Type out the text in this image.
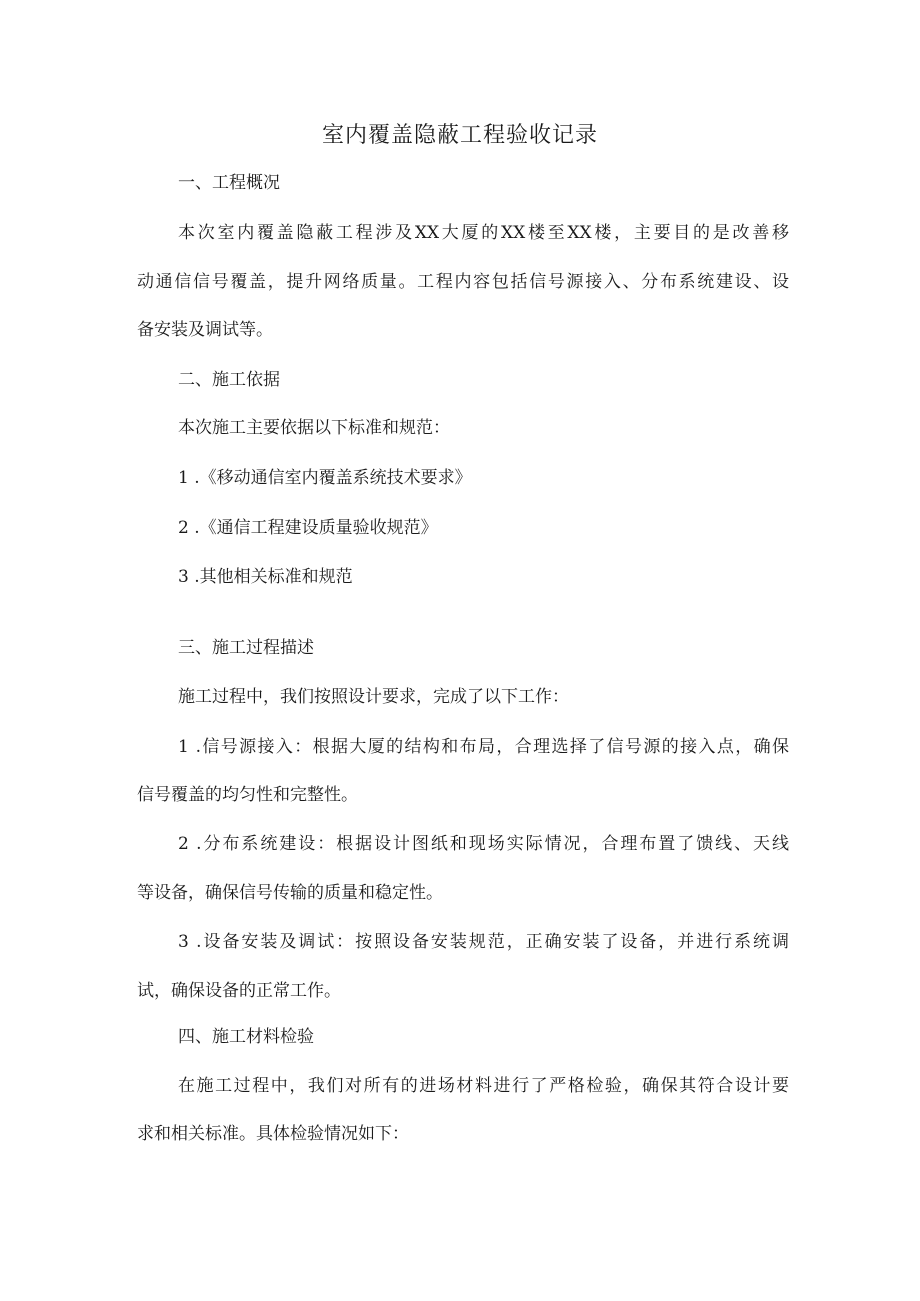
室内覆盖隐蔽工程验收记录
一、工程概况
本次室内覆盖隐蔽工程涉及XX大厦的XX楼至XX楼，主要目的是改善移
动通信信号覆盖，提升网络质量。工程内容包括信号源接入、分布系统建设、设
备安装及调试等。
二、施工依据
本次施工主要依据以下标准和规范：
1 .《移动通信室内覆盖系统技术要求》
2 .《通信工程建设质量验收规范》
3 .其他相关标准和规范
三、施工过程描述
施工过程中，我们按照设计要求，完成了以下工作：
1 .信号源接入：根据大厦的结构和布局，合理选择了信号源的接入点，确保
信号覆盖的均匀性和完整性。
2 .分布系统建设：根据设计图纸和现场实际情况，合理布置了馈线、天线
等设备，确保信号传输的质量和稳定性。
3 .设备安装及调试：按照设备安装规范，正确安装了设备，并进行系统调
试，确保设备的正常工作。
四、施工材料检验
在施工过程中，我们对所有的进场材料进行了严格检验，确保其符合设计要
求和相关标准。具体检验情况如下：
